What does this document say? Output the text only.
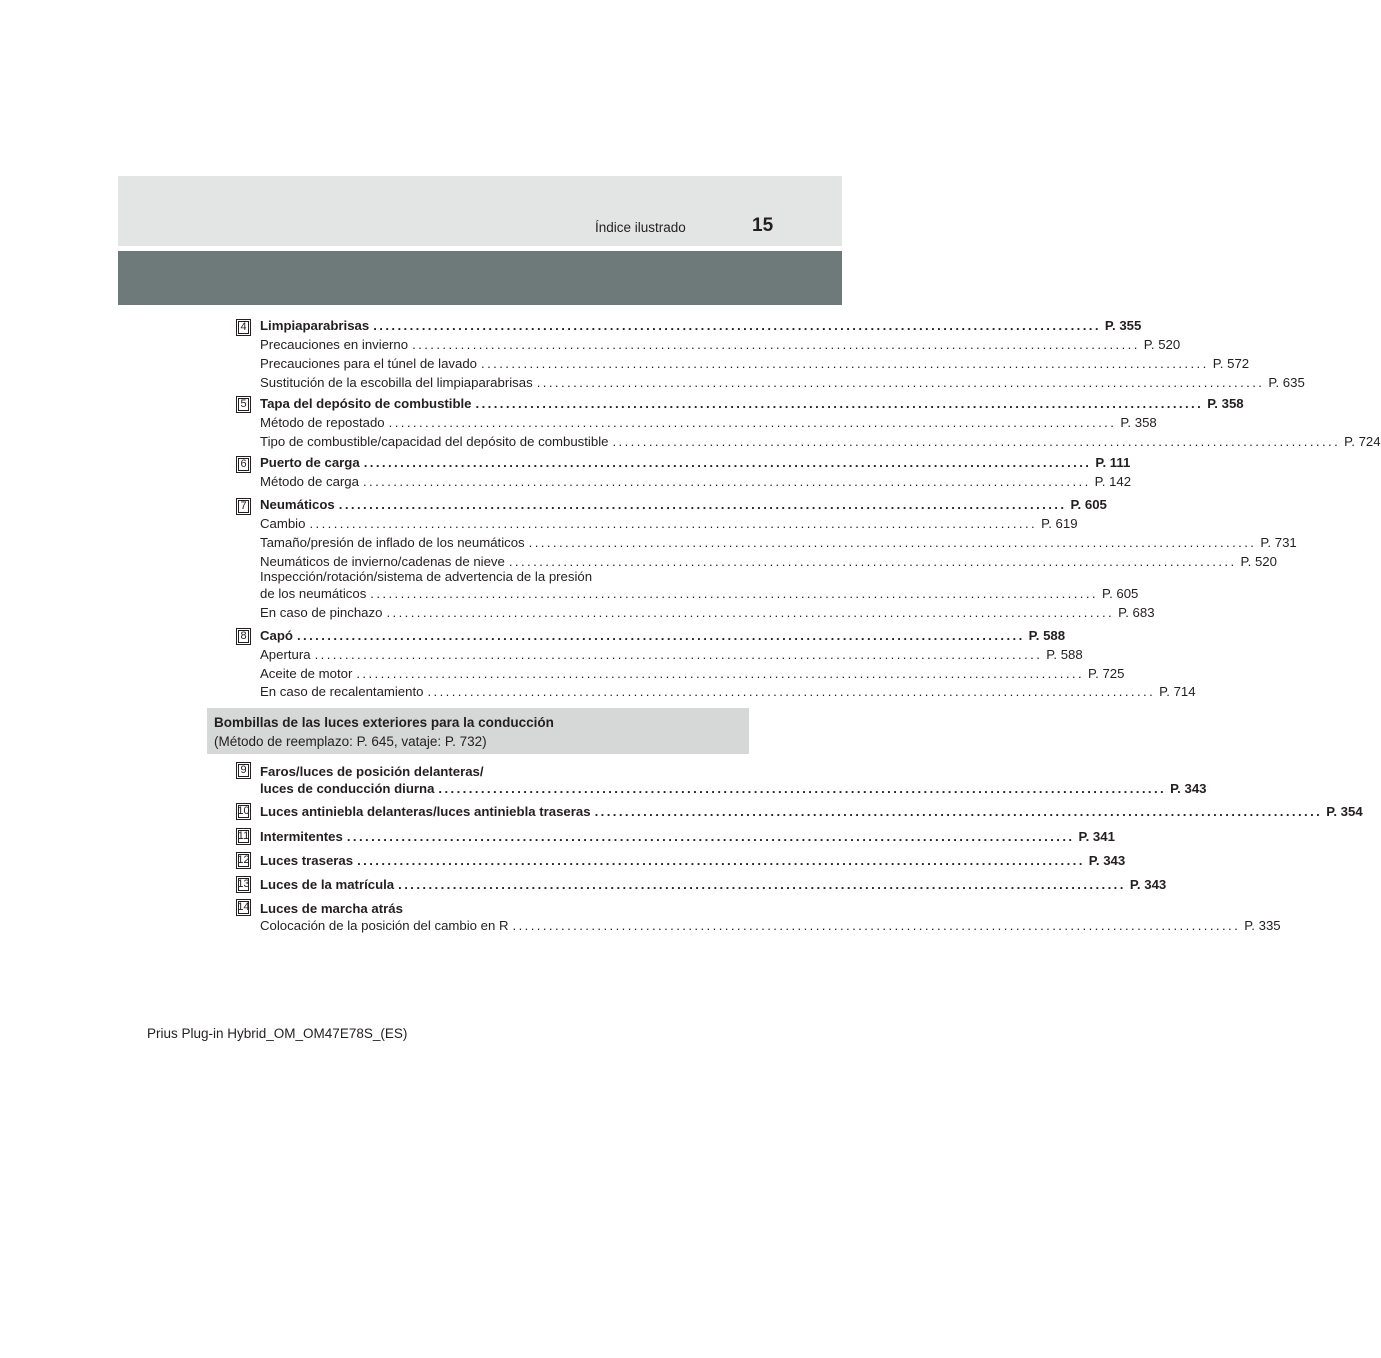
Índice ilustrado	15
4	Limpiaparabrisas ........................................................................................................................ P. 355
Precauciones en invierno ........................................................................................................................ P. 520
Precauciones para el túnel de lavado ........................................................................................................................ P. 572
Sustitución de la escobilla del limpiaparabrisas ........................................................................................................................ P. 635
5	Tapa del depósito de combustible ........................................................................................................................ P. 358
Método de repostado ........................................................................................................................ P. 358
Tipo de combustible/capacidad del depósito de combustible ........................................................................................................................ P. 724
6	Puerto de carga ........................................................................................................................ P. 111
Método de carga ........................................................................................................................ P. 142
7	Neumáticos ........................................................................................................................ P. 605
Cambio ........................................................................................................................ P. 619
Tamaño/presión de inflado de los neumáticos ........................................................................................................................ P. 731
Neumáticos de invierno/cadenas de nieve ........................................................................................................................ P. 520
Inspección/rotación/sistema de advertencia de la presión
de los neumáticos ........................................................................................................................ P. 605
En caso de pinchazo ........................................................................................................................ P. 683
8	Capó ........................................................................................................................ P. 588
Apertura ........................................................................................................................ P. 588
Aceite de motor ........................................................................................................................ P. 725
En caso de recalentamiento ........................................................................................................................ P. 714
Bombillas de las luces exteriores para la conducción
(Método de reemplazo: P. 645, vataje: P. 732)
9	Faros/luces de posición delanteras/
luces de conducción diurna ........................................................................................................................ P. 343
10 Luces antiniebla delanteras/luces antiniebla traseras ........................................................................................................................ P. 354
11 Intermitentes ........................................................................................................................ P. 341
12 Luces traseras ........................................................................................................................ P. 343
13 Luces de la matrícula ........................................................................................................................ P. 343
14 Luces de marcha atrás
Colocación de la posición del cambio en R ........................................................................................................................ P. 335
Prius Plug-in Hybrid_OM_OM47E78S_(ES)
